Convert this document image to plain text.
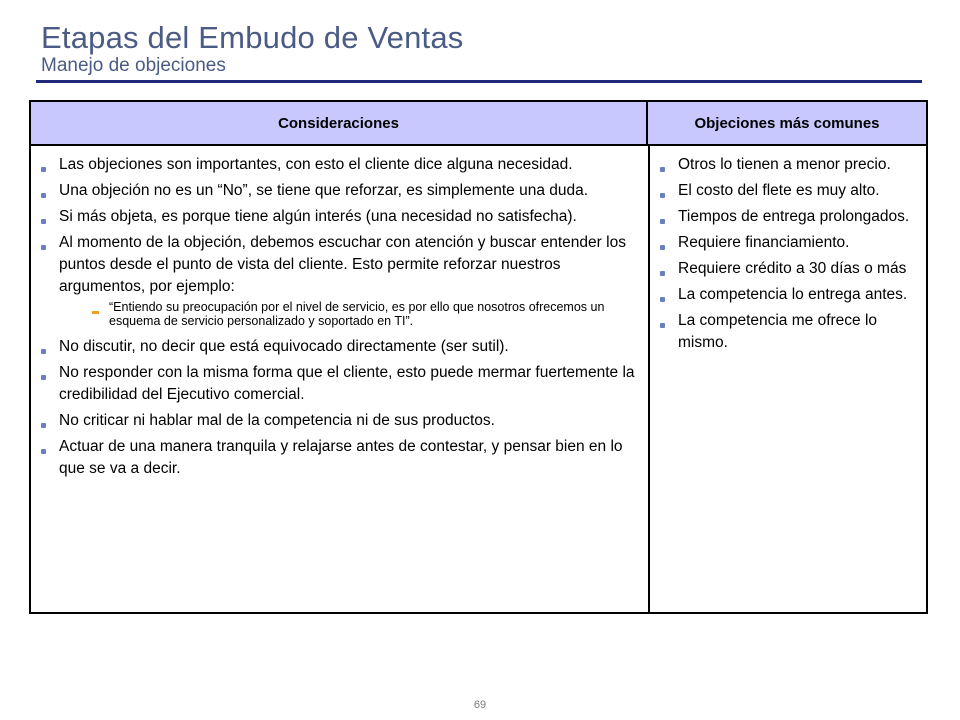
Etapas del Embudo de Ventas
Manejo de objeciones
Consideraciones	Objeciones más comunes
Las objeciones son importantes, con esto el cliente dice alguna necesidad.
Una objeción no es un “No”, se tiene que reforzar, es simplemente una duda.
Si más objeta, es porque tiene algún interés (una necesidad no satisfecha).
Al momento de la objeción, debemos escuchar con atención y buscar entender los puntos desde el punto de vista del cliente. Esto permite reforzar nuestros argumentos, por ejemplo:
“Entiendo su preocupación por el nivel de servicio, es por ello que nosotros ofrecemos un esquema de servicio personalizado y soportado en TI”.
No discutir, no decir que está equivocado directamente (ser sutil).
No responder con la misma forma que el cliente, esto puede mermar fuertemente la credibilidad del Ejecutivo comercial.
No criticar ni hablar mal de la competencia ni de sus productos.
Actuar de una manera tranquila y relajarse antes de contestar, y pensar bien en lo que se va a decir.
Otros lo tienen a menor precio.
El costo del flete es muy alto.
Tiempos de entrega prolongados.
Requiere financiamiento.
Requiere crédito a 30 días o más
La competencia lo entrega antes.
La competencia me ofrece lo mismo.
69
